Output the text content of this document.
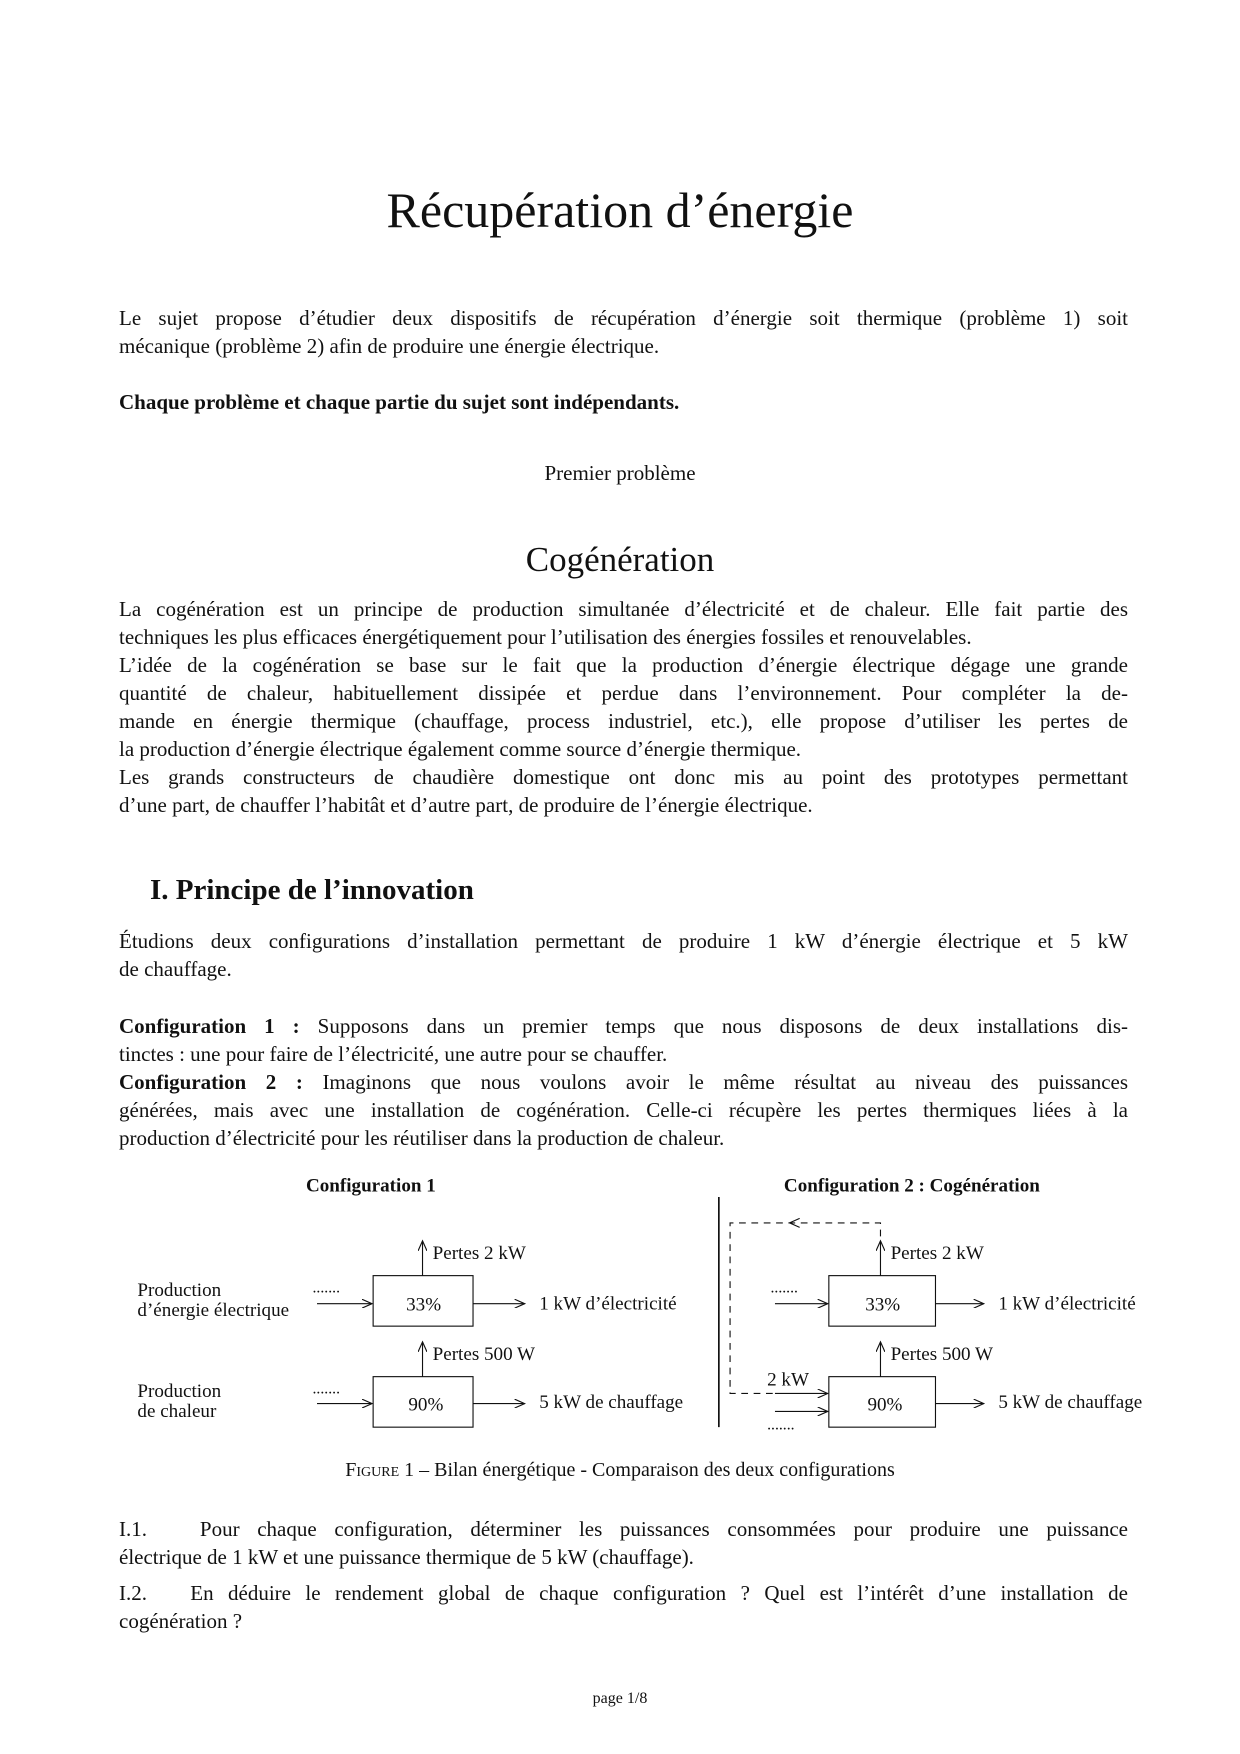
Récupération d’énergie
Le sujet propose d’étudier deux dispositifs de récupération d’énergie soit thermique (problème 1) soit
mécanique (problème 2) afin de produire une énergie électrique.
Chaque problème et chaque partie du sujet sont indépendants.
Premier problème
Cogénération
La cogénération est un principe de production simultanée d’électricité et de chaleur. Elle fait partie des
techniques les plus efficaces énergétiquement pour l’utilisation des énergies fossiles et renouvelables.
L’idée de la cogénération se base sur le fait que la production d’énergie électrique dégage une grande
quantité de chaleur, habituellement dissipée et perdue dans l’environnement. Pour compléter la de-
mande en énergie thermique (chauffage, process industriel, etc.), elle propose d’utiliser les pertes de
la production d’énergie électrique également comme source d’énergie thermique.
Les grands constructeurs de chaudière domestique ont donc mis au point des prototypes permettant
d’une part, de chauffer l’habitât et d’autre part, de produire de l’énergie électrique.
I. Principe de l’innovation
Étudions deux configurations d’installation permettant de produire 1 kW d’énergie électrique et 5 kW
de chauffage.
Configuration 1 : Supposons dans un premier temps que nous disposons de deux installations dis-
tinctes : une pour faire de l’électricité, une autre pour se chauffer.
Configuration 2 : Imaginons que nous voulons avoir le même résultat au niveau des puissances
générées, mais avec une installation de cogénération. Celle-ci récupère les pertes thermiques liées à la
production d’électricité pour les réutiliser dans la production de chaleur.
Configuration 1	Configuration 2 : Cogénération
Production
d’énergie électrique
Production
de chaleur
.......
33%
Pertes 2 kW
1 kW d’électricité
.......
90%
Pertes 500 W
5 kW de chauffage
.......
33%
Pertes 2 kW
1 kW d’électricité
2 kW
.......
90%
Pertes 500 W
5 kW de chauffage
Figure 1 – Bilan énergétique - Comparaison des deux configurations
I.1.	Pour chaque configuration, déterminer les puissances consommées pour produire une puissance
électrique de 1 kW et une puissance thermique de 5 kW (chauffage).
I.2. En déduire le rendement global de chaque configuration ? Quel est l’intérêt d’une installation de
cogénération ?
page 1/8
